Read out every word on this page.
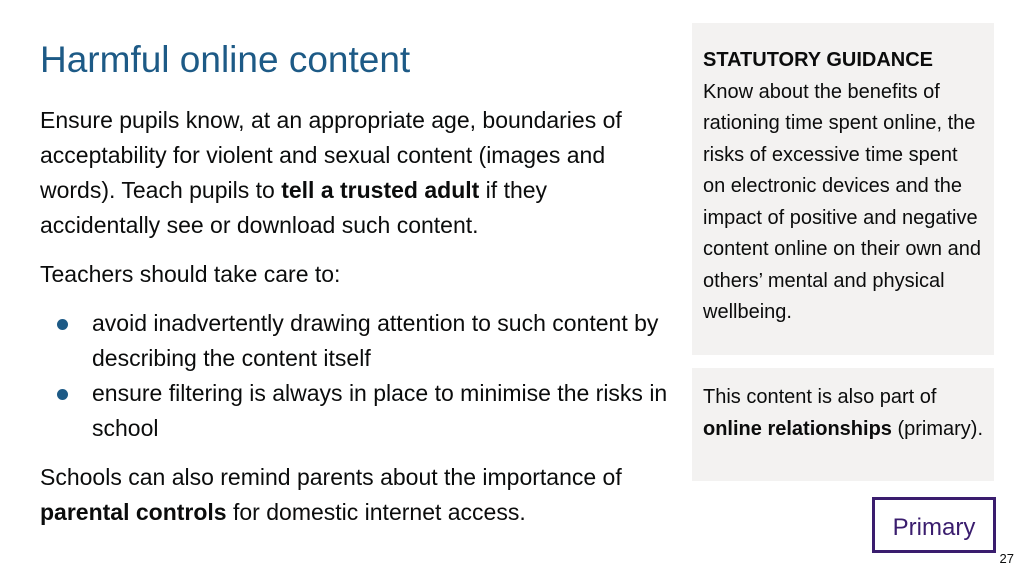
Harmful online content

Ensure pupils know, at an appropriate age, boundaries of acceptability for violent and sexual content (images and words). Teach pupils to tell a trusted adult if they accidentally see or download such content.

Teachers should take care to:

avoid inadvertently drawing attention to such content by describing the content itself
ensure filtering is always in place to minimise the risks in school

Schools can also remind parents about the importance of parental controls for domestic internet access.

STATUTORY GUIDANCE
Know about the benefits of rationing time spent online, the risks of excessive time spent on electronic devices and the impact of positive and negative content online on their own and others’ mental and physical wellbeing.
This content is also part of online relationships (primary).
Primary
27
